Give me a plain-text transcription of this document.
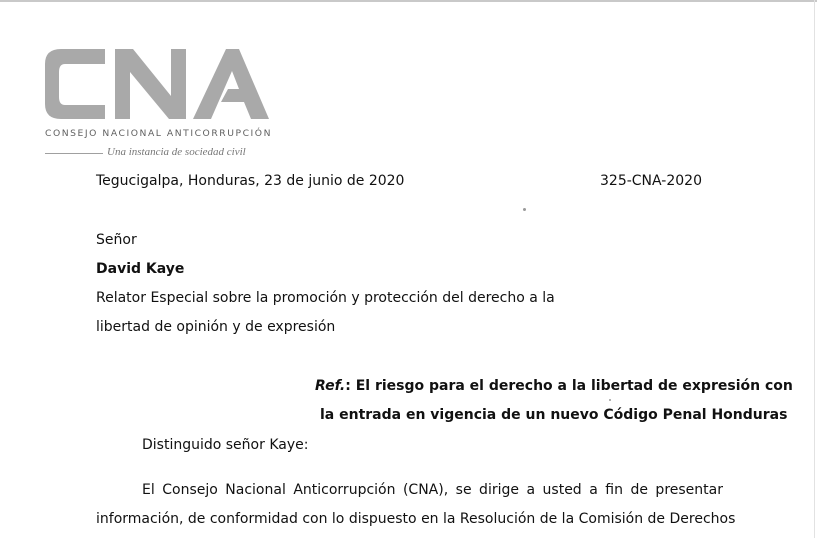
CONSEJO NACIONAL ANTICORRUPCIÓN
Una instancia de sociedad civil
Tegucigalpa, Honduras, 23 de junio de 2020	325-CNA-2020
Señor
David Kaye
Relator Especial sobre la promoción y protección del derecho a la
libertad de opinión y de expresión
Ref.: El riesgo para el derecho a la libertad de expresión con
la entrada en vigencia de un nuevo Código Penal Honduras
Distinguido señor Kaye:
El Consejo Nacional Anticorrupción (CNA), se dirige a usted a fin de presentar
información, de conformidad con lo dispuesto en la Resolución de la Comisión de Derechos
